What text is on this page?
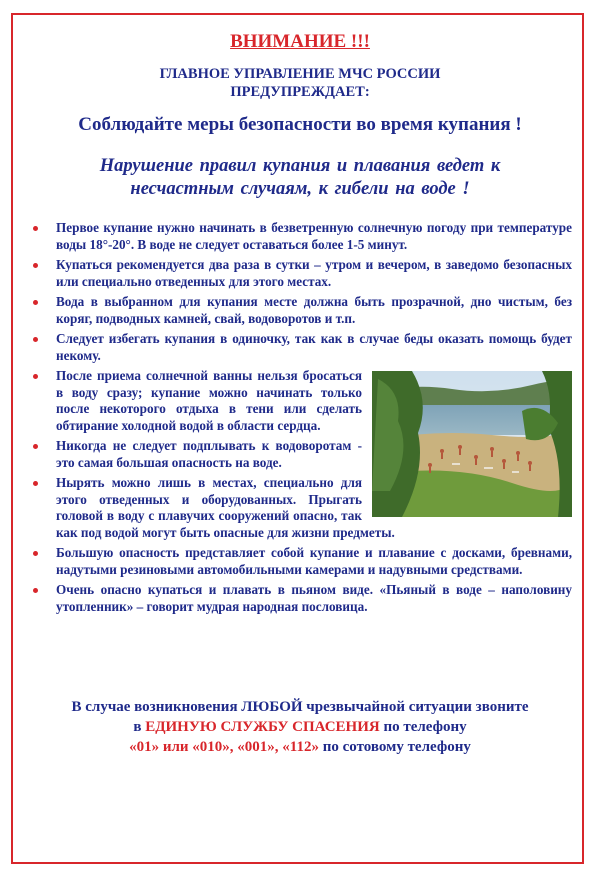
ВНИМАНИЕ !!!
ГЛАВНОЕ УПРАВЛЕНИЕ МЧС РОССИИ
ПРЕДУПРЕЖДАЕТ:
Соблюдайте меры безопасности во время купания !
Нарушение правил купания и плавания ведет к
несчастным случаям, к гибели на воде !
Первое купание нужно начинать в безветренную солнечную погоду при температуре воды 18°-20°. В воде не следует оставаться более 1-5 минут.
Купаться рекомендуется два раза в сутки – утром и вечером, в заведомо безопасных или специально отведенных для этого местах.
Вода в выбранном для купания месте должна быть прозрачной, дно чистым, без коряг, подводных камней, свай, водоворотов и т.п.
Следует избегать купания в одиночку, так как в случае беды оказать помощь будет некому.
После приема солнечной ванны нельзя бросаться в воду сразу; купание можно начинать только после некоторого отдыха в тени или сделать обтирание холодной водой в области сердца.
Никогда не следует подплывать к водоворотам - это самая большая опасность на воде.
Нырять можно лишь в местах, специально для этого отведенных и оборудованных. Прыгать головой в воду с плавучих сооружений опасно, так как под водой могут быть опасные для жизни предметы.
Большую опасность представляет собой купание и плавание с досками, бревнами, надутыми резиновыми автомобильными камерами и надувными средствами.
Очень опасно купаться и плавать в пьяном виде. «Пьяный в воде – наполовину утопленник» – говорит мудрая народная пословица.
В случае возникновения ЛЮБОЙ чрезвычайной ситуации звоните
в ЕДИНУЮ СЛУЖБУ СПАСЕНИЯ по телефону
«01» или «010», «001», «112» по сотовому телефону
